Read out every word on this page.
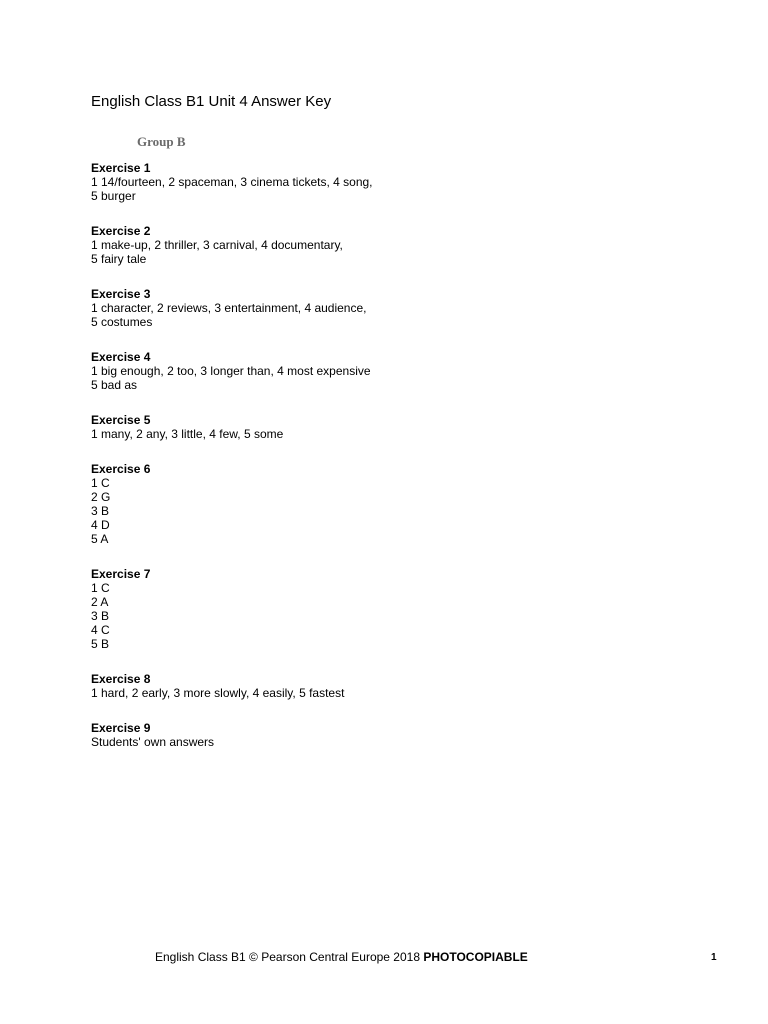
English Class B1 Unit 4 Answer Key

Group B

Exercise 1

1 14/fourteen, 2 spaceman, 3 cinema tickets, 4 song,

5 burger

Exercise 2

1 make-up, 2 thriller, 3 carnival, 4 documentary,

5 fairy tale

Exercise 3

1 character, 2 reviews, 3 entertainment, 4 audience,

5 costumes

Exercise 4

1 big enough, 2 too, 3 longer than, 4 most expensive

5 bad as

Exercise 5

1 many, 2 any, 3 little, 4 few, 5 some

Exercise 6

1 C

2 G

3 B

4 D

5 A

Exercise 7

1 C

2 A

3 B

4 C

5 B

Exercise 8

1 hard, 2 early, 3 more slowly, 4 easily, 5 fastest

Exercise 9

Students' own answers

English Class B1 © Pearson Central Europe 2018 PHOTOCOPIABLE	1
